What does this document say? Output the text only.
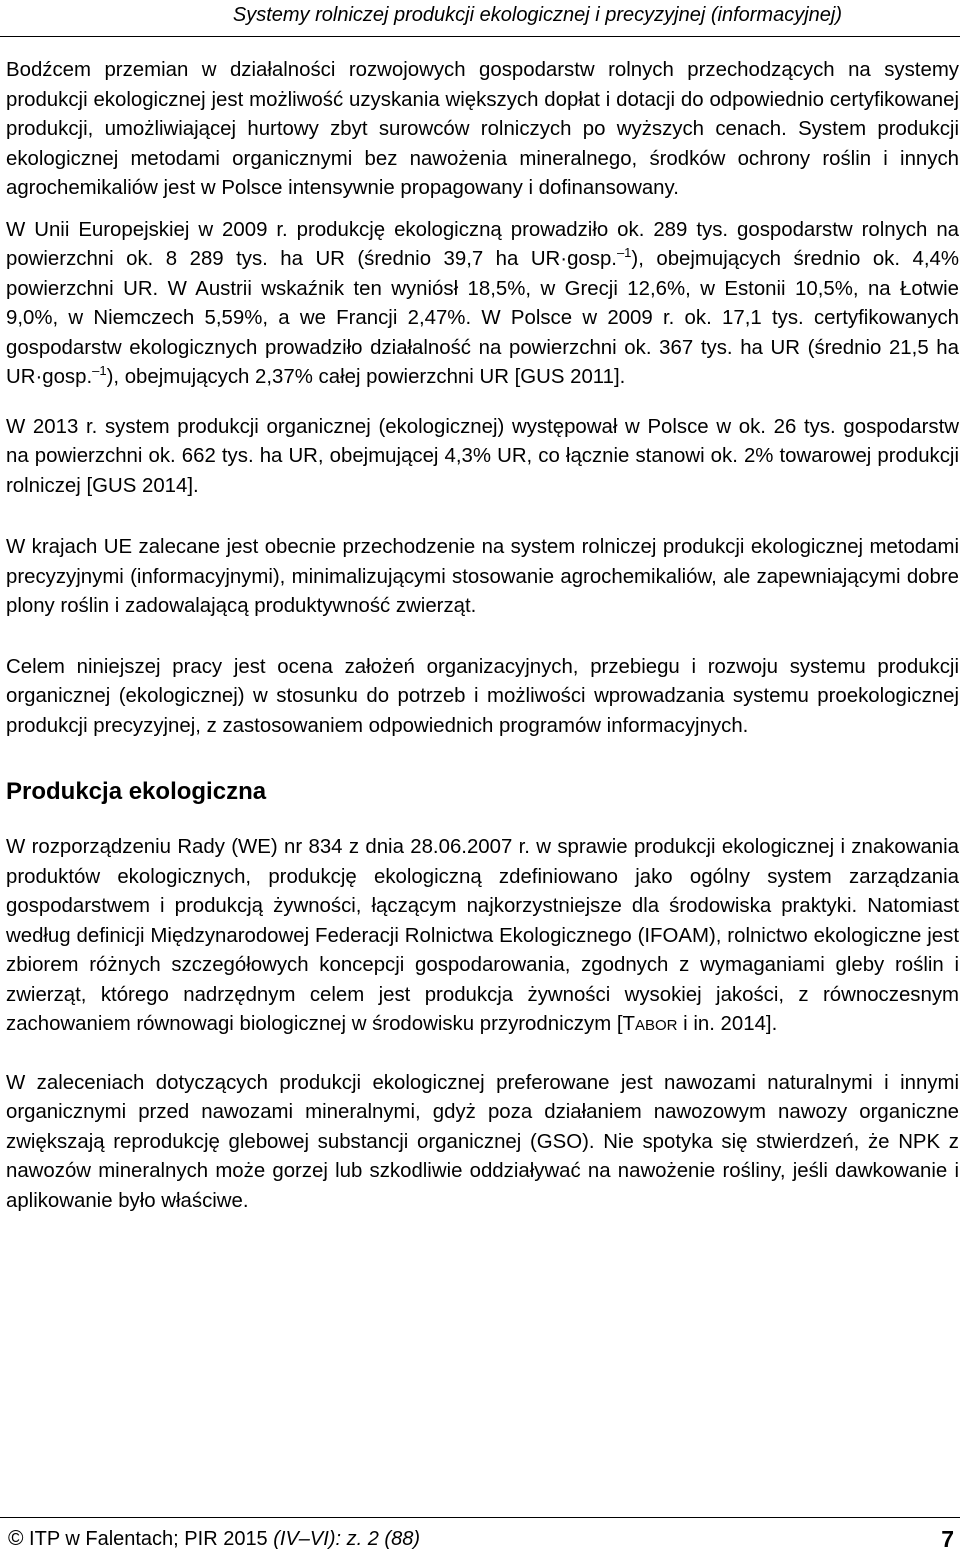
Systemy rolniczej produkcji ekologicznej i precyzyjnej (informacyjnej)

Bodźcem przemian w działalności rozwojowych gospodarstw rolnych przechodzących na systemy produkcji ekologicznej jest możliwość uzyskania większych dopłat i dotacji do odpowiednio certyfikowanej produkcji, umożliwiającej hurtowy zbyt surowców rolniczych po wyższych cenach. System produkcji ekologicznej metodami organicznymi bez nawożenia mineralnego, środków ochrony roślin i innych agrochemikaliów jest w Polsce intensywnie propagowany i dofinansowany.

W Unii Europejskiej w 2009 r. produkcję ekologiczną prowadziło ok. 289 tys. gospodarstw rolnych na powierzchni ok. 8 289 tys. ha UR (średnio 39,7 ha UR·gosp.$^{-1}$), obejmujących średnio ok. 4,4% powierzchni UR. W Austrii wskaźnik ten wyniósł 18,5%, w Grecji 12,6%, w Estonii 10,5%, na Łotwie 9,0%, w Niemczech 5,59%, a we Francji 2,47%. W Polsce w 2009 r. ok. 17,1 tys. certyfikowanych gospodarstw ekologicznych prowadziło działalność na powierzchni ok. 367 tys. ha UR (średnio 21,5 ha UR·gosp.$^{-1}$), obejmujących 2,37% całej powierzchni UR [GUS 2011].

W 2013 r. system produkcji organicznej (ekologicznej) występował w Polsce w ok. 26 tys. gospodarstw na powierzchni ok. 662 tys. ha UR, obejmującej 4,3% UR, co łącznie stanowi ok. 2% towarowej produkcji rolniczej [GUS 2014].

W krajach UE zalecane jest obecnie przechodzenie na system rolniczej produkcji ekologicznej metodami precyzyjnymi (informacyjnymi), minimalizującymi stosowanie agrochemikaliów, ale zapewniającymi dobre plony roślin i zadowalającą produktywność zwierząt.

Celem niniejszej pracy jest ocena założeń organizacyjnych, przebiegu i rozwoju systemu produkcji organicznej (ekologicznej) w stosunku do potrzeb i możliwości wprowadzania systemu proekologicznej produkcji precyzyjnej, z zastosowaniem odpowiednich programów informacyjnych.

Produkcja ekologiczna

W rozporządzeniu Rady (WE) nr 834 z dnia 28.06.2007 r. w sprawie produkcji ekologicznej i znakowania produktów ekologicznych, produkcję ekologiczną zdefiniowano jako ogólny system zarządzania gospodarstwem i produkcją żywności, łączącym najkorzystniejsze dla środowiska praktyki. Natomiast według definicji Międzynarodowej Federacji Rolnictwa Ekologicznego (IFOAM), rolnictwo ekologiczne jest zbiorem różnych szczegółowych koncepcji gospodarowania, zgodnych z wymaganiami gleby roślin i zwierząt, którego nadrzędnym celem jest produkcja żywności wysokiej jakości, z równoczesnym zachowaniem równowagi biologicznej w środowisku przyrodniczym [TABOR i in. 2014].

W zaleceniach dotyczących produkcji ekologicznej preferowane jest nawozami naturalnymi i innymi organicznymi przed nawozami mineralnymi, gdyż poza działaniem nawozowym nawozy organiczne zwiększają reprodukcję glebowej substancji organicznej (GSO). Nie spotyka się stwierdzeń, że NPK z nawozów mineralnych może gorzej lub szkodliwie oddziaływać na nawożenie rośliny, jeśli dawkowanie i aplikowanie było właściwe.

© ITP w Falentach; PIR 2015 (IV–VI): z. 2 (88)	7
